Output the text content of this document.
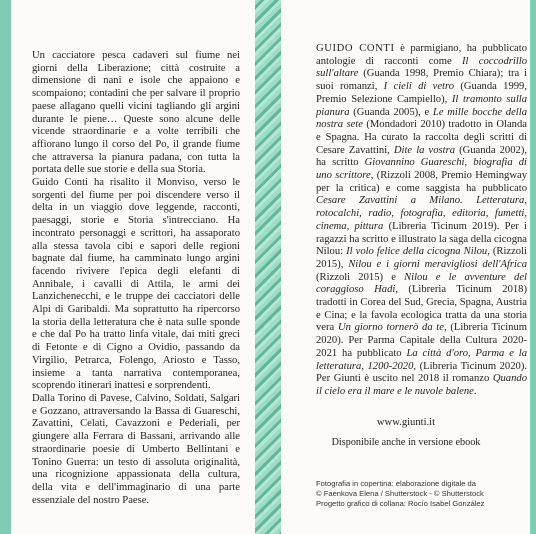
Un cacciatore pesca cadaveri sul fiume nei giorni della Liberazione; città costruite a dimensione di nani e isole che appaiono e scompaiono; contadini che per salvare il proprio paese allagano quelli vicini tagliando gli argini durante le piene… Queste sono alcune delle vicende straordinarie e a volte terribili che affiorano lungo il corso del Po, il grande fiume che attraversa la pianura padana, con tutta la portata delle sue storie e della sua Storia.

Guido Conti ha risalito il Monviso, verso le sorgenti del fiume per poi discendere verso il delta in un viaggio dove leggende, racconti, paesaggi, storie e Storia s'intrecciano. Ha incontrato personaggi e scrittori, ha assaporato alla stessa tavola cibi e sapori delle regioni bagnate dal fiume, ha camminato lungo argini facendo rivivere l'epica degli elefanti di Annibale, i cavalli di Attila, le armi dei Lanzichenecchi, e le truppe dei cacciatori delle Alpi di Garibaldi. Ma soprattutto ha ripercorso la storia della letteratura che è nata sulle sponde e che dal Po ha tratto linfa vitale, dai miti greci di Fetonte e di Cigno a Ovidio, passando da Virgilio, Petrarca, Folengo, Ariosto e Tasso, insieme a tanta narrativa contemporanea, scoprendo itinerari inattesi e sorprendenti.

Dalla Torino di Pavese, Calvino, Soldati, Salgari e Gozzano, attraversando la Bassa di Guareschi, Zavattini, Celati, Cavazzoni e Pederiali, per giungere alla Ferrara di Bassani, arrivando alle straordinarie poesie di Umberto Bellintani e Tonino Guerra: un testo di assoluta originalità, una ricognizione appassionata della cultura, della vita e dell'immaginario di una parte essenziale del nostro Paese.

GUIDO CONTI è parmigiano, ha pubblicato antologie di racconti come Il coccodrillo sull'altare (Guanda 1998, Premio Chiara); tra i suoi romanzi, I cieli di vetro (Guanda 1999, Premio Selezione Campiello), Il tramonto sulla pianura (Guanda 2005), e Le mille bocche della nostra sete (Mondadori 2010) tradotto in Olanda e Spagna. Ha curato la raccolta degli scritti di Cesare Zavattini, Dite la vostra (Guanda 2002), ha scritto Giovannino Guareschi, biografia di uno scrittore, (Rizzoli 2008, Premio Hemingway per la critica) e come saggista ha pubblicato Cesare Zavattini a Milano. Letteratura, rotocalchi, radio, fotografia, editoria, fumetti, cinema, pittura (Libreria Ticinum 2019). Per i ragazzi ha scritto e illustrato la saga della cicogna Nilou: Il volo felice della cicogna Nilou, (Rizzoli 2015), Nilou e i giorni meravigliosi dell'Africa (Rizzoli 2015) e Nilou e le avventure del coraggioso Hadi, (Libreria Ticinum 2018) tradotti in Corea del Sud, Grecia, Spagna, Austria e Cina; e la favola ecologica tratta da una storia vera Un giorno tornerò da te, (Libreria Ticinum 2020). Per Parma Capitale della Cultura 2020-2021 ha pubblicato La città d'oro, Parma e la letteratura, 1200-2020, (Libreria Ticinum 2020). Per Giunti è uscito nel 2018 il romanzo Quando il cielo era il mare e le nuvole balene.

www.giunti.it
Disponibile anche in versione ebook
Fotografia in copertina: elaborazione digitale da
© Faenkova Elena / Shutterstock - © Shutterstock
Progetto grafico di collana: Rocío Isabel González
